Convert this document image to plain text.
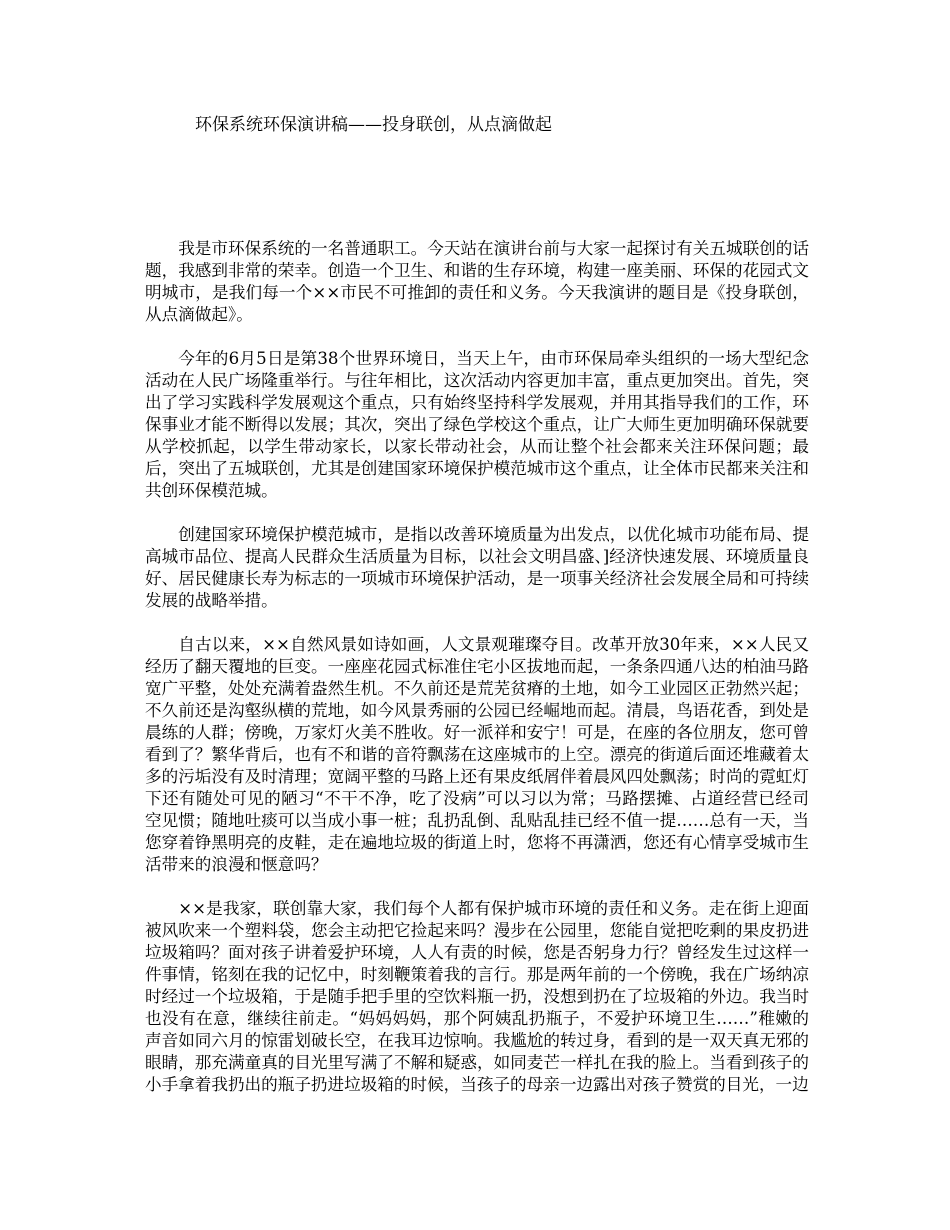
环保系统环保演讲稿——投身联创，从点滴做起

我是市环保系统的一名普通职工。今天站在演讲台前与大家一起探讨有关五城联创的话题，我感到非常的荣幸。创造一个卫生、和谐的生存环境，构建一座美丽、环保的花园式文明城市，是我们每一个××市民不可推卸的责任和义务。今天我演讲的题目是《投身联创，从点滴做起》。

今年的6月5日是第38个世界环境日，当天上午，由市环保局牵头组织的一场大型纪念活动在人民广场隆重举行。与往年相比，这次活动内容更加丰富，重点更加突出。首先，突出了学习实践科学发展观这个重点，只有始终坚持科学发展观，并用其指导我们的工作，环保事业才能不断得以发展；其次，突出了绿色学校这个重点，让广大师生更加明确环保就要从学校抓起，以学生带动家长，以家长带动社会，从而让整个社会都来关注环保问题；最后，突出了五城联创，尤其是创建国家环境保护模范城市这个重点，让全体市民都来关注和共创环保模范城。

创建国家环境保护模范城市，是指以改善环境质量为出发点，以优化城市功能布局、提高城市品位、提高人民群众生活质量为目标，以社会文明昌盛、]经济快速发展、环境质量良好、居民健康长寿为标志的一项城市环境保护活动，是一项事关经济社会发展全局和可持续发展的战略举措。

自古以来，××自然风景如诗如画，人文景观璀璨夺目。改革开放30年来，××人民又经历了翻天覆地的巨变。一座座花园式标准住宅小区拔地而起，一条条四通八达的柏油马路宽广平整，处处充满着盎然生机。不久前还是荒芜贫瘠的土地，如今工业园区正勃然兴起；不久前还是沟壑纵横的荒地，如今风景秀丽的公园已经崛地而起。清晨，鸟语花香，到处是晨练的人群；傍晚，万家灯火美不胜收。好一派祥和安宁！可是，在座的各位朋友，您可曾看到了？繁华背后，也有不和谐的音符飘荡在这座城市的上空。漂亮的街道后面还堆藏着太多的污垢没有及时清理；宽阔平整的马路上还有果皮纸屑伴着晨风四处飘荡；时尚的霓虹灯下还有随处可见的陋习“不干不净，吃了没病”可以习以为常；马路摆摊、占道经营已经司空见惯；随地吐痰可以当成小事一桩；乱扔乱倒、乱贴乱挂已经不值一提……总有一天，当您穿着铮黑明亮的皮鞋，走在遍地垃圾的街道上时，您将不再潇洒，您还有心情享受城市生活带来的浪漫和惬意吗？

××是我家，联创靠大家，我们每个人都有保护城市环境的责任和义务。走在街上迎面被风吹来一个塑料袋，您会主动把它捡起来吗？漫步在公园里，您能自觉把吃剩的果皮扔进垃圾箱吗？面对孩子讲着爱护环境，人人有责的时候，您是否躬身力行？曾经发生过这样一件事情，铭刻在我的记忆中，时刻鞭策着我的言行。那是两年前的一个傍晚，我在广场纳凉时经过一个垃圾箱，于是随手把手里的空饮料瓶一扔，没想到扔在了垃圾箱的外边。我当时也没有在意，继续往前走。“妈妈妈妈，那个阿姨乱扔瓶子，不爱护环境卫生……”稚嫩的声音如同六月的惊雷划破长空，在我耳边惊响。我尴尬的转过身，看到的是一双天真无邪的眼睛，那充满童真的目光里写满了不解和疑惑，如同麦芒一样扎在我的脸上。当看到孩子的小手拿着我扔出的瓶子扔进垃圾箱的时候，当孩子的母亲一边露出对孩子赞赏的目光，一边
